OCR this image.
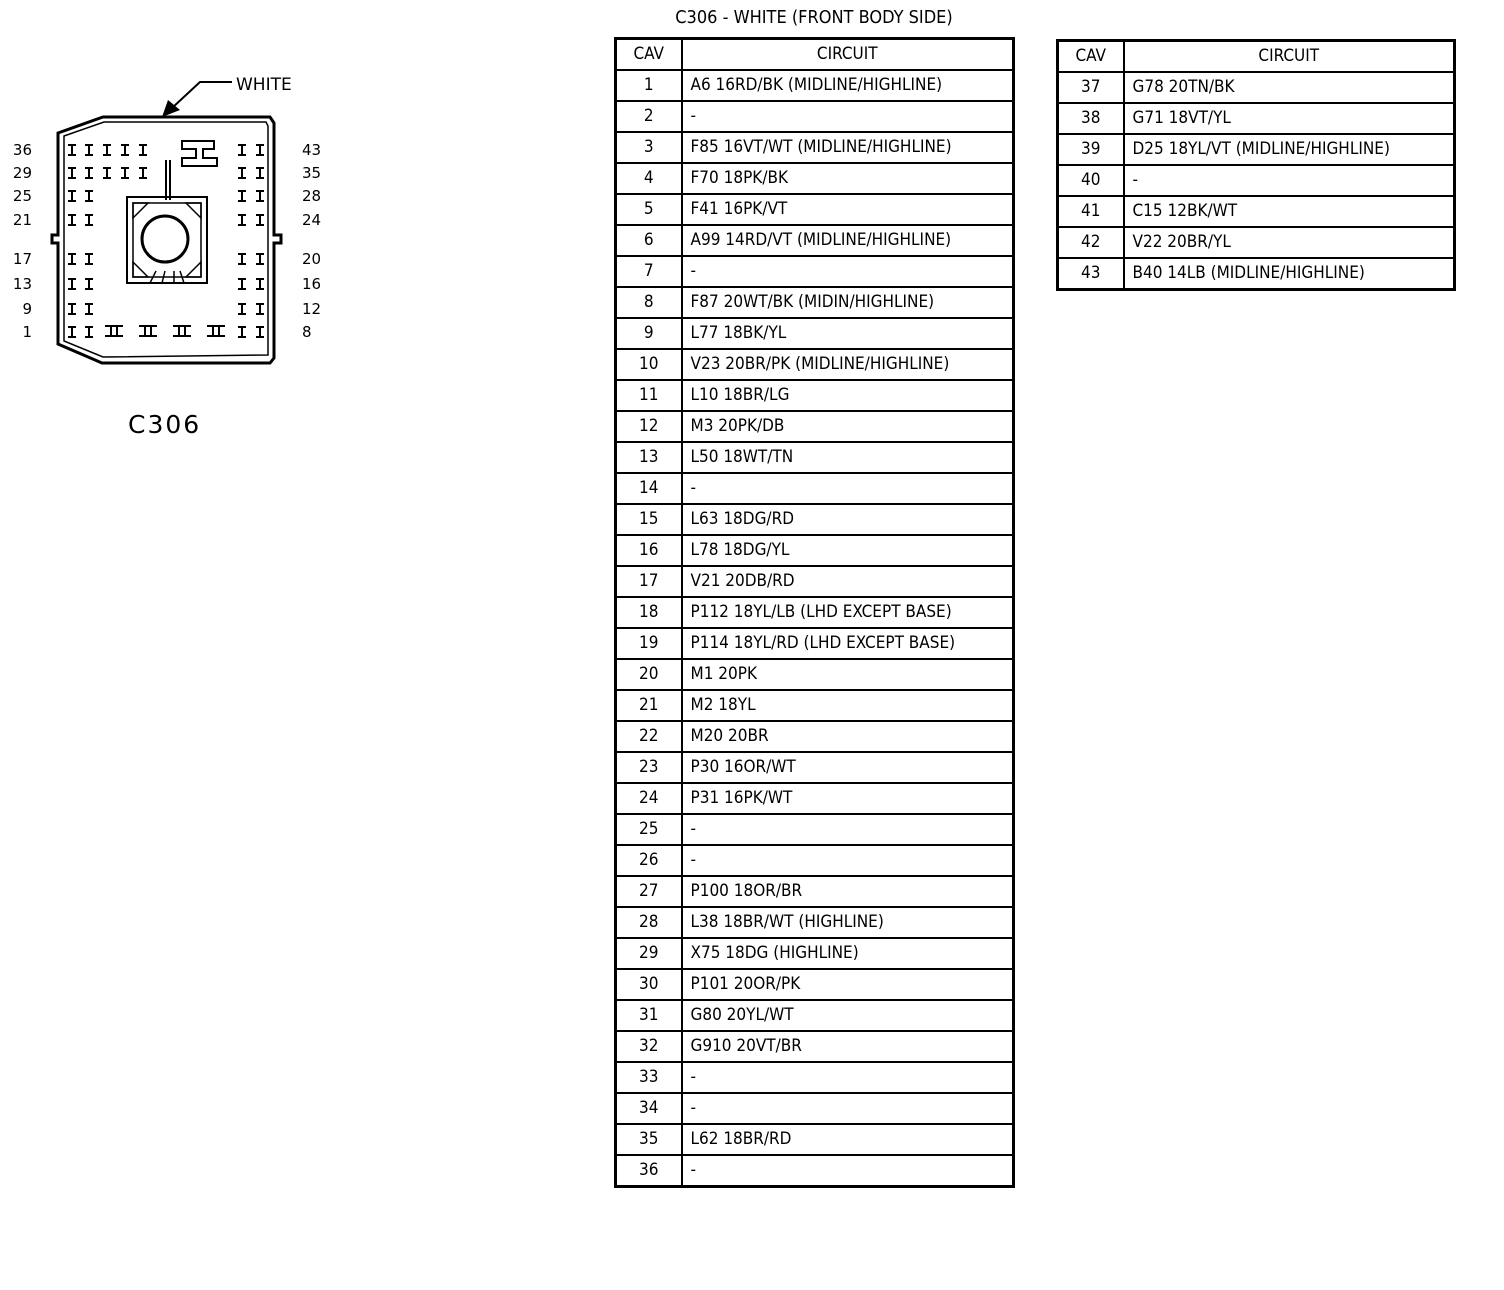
WHITE
36
29
25
21
17
13
9
1
43
35
28
24
20
16
12
8
C306
C306 - WHITE (FRONT BODY SIDE)
CAV	CIRCUIT
1	A6 16RD/BK (MIDLINE/HIGHLINE)
2	-
3	F85 16VT/WT (MIDLINE/HIGHLINE)
4	F70 18PK/BK
5	F41 16PK/VT
6	A99 14RD/VT (MIDLINE/HIGHLINE)
7	-
8	F87 20WT/BK (MIDIN/HIGHLINE)
9	L77 18BK/YL
10	V23 20BR/PK (MIDLINE/HIGHLINE)
11	L10 18BR/LG
12	M3 20PK/DB
13	L50 18WT/TN
14	-
15	L63 18DG/RD
16	L78 18DG/YL
17	V21 20DB/RD
18	P112 18YL/LB (LHD EXCEPT BASE)
19	P114 18YL/RD (LHD EXCEPT BASE)
20	M1 20PK
21	M2 18YL
22	M20 20BR
23	P30 16OR/WT
24	P31 16PK/WT
25	-
26	-
27	P100 18OR/BR
28	L38 18BR/WT (HIGHLINE)
29	X75 18DG (HIGHLINE)
30	P101 20OR/PK
31	G80 20YL/WT
32	G910 20VT/BR
33	-
34	-
35	L62 18BR/RD
36	-
CAV	CIRCUIT
37	G78 20TN/BK
38	G71 18VT/YL
39	D25 18YL/VT (MIDLINE/HIGHLINE)
40	-
41	C15 12BK/WT
42	V22 20BR/YL
43	B40 14LB (MIDLINE/HIGHLINE)
